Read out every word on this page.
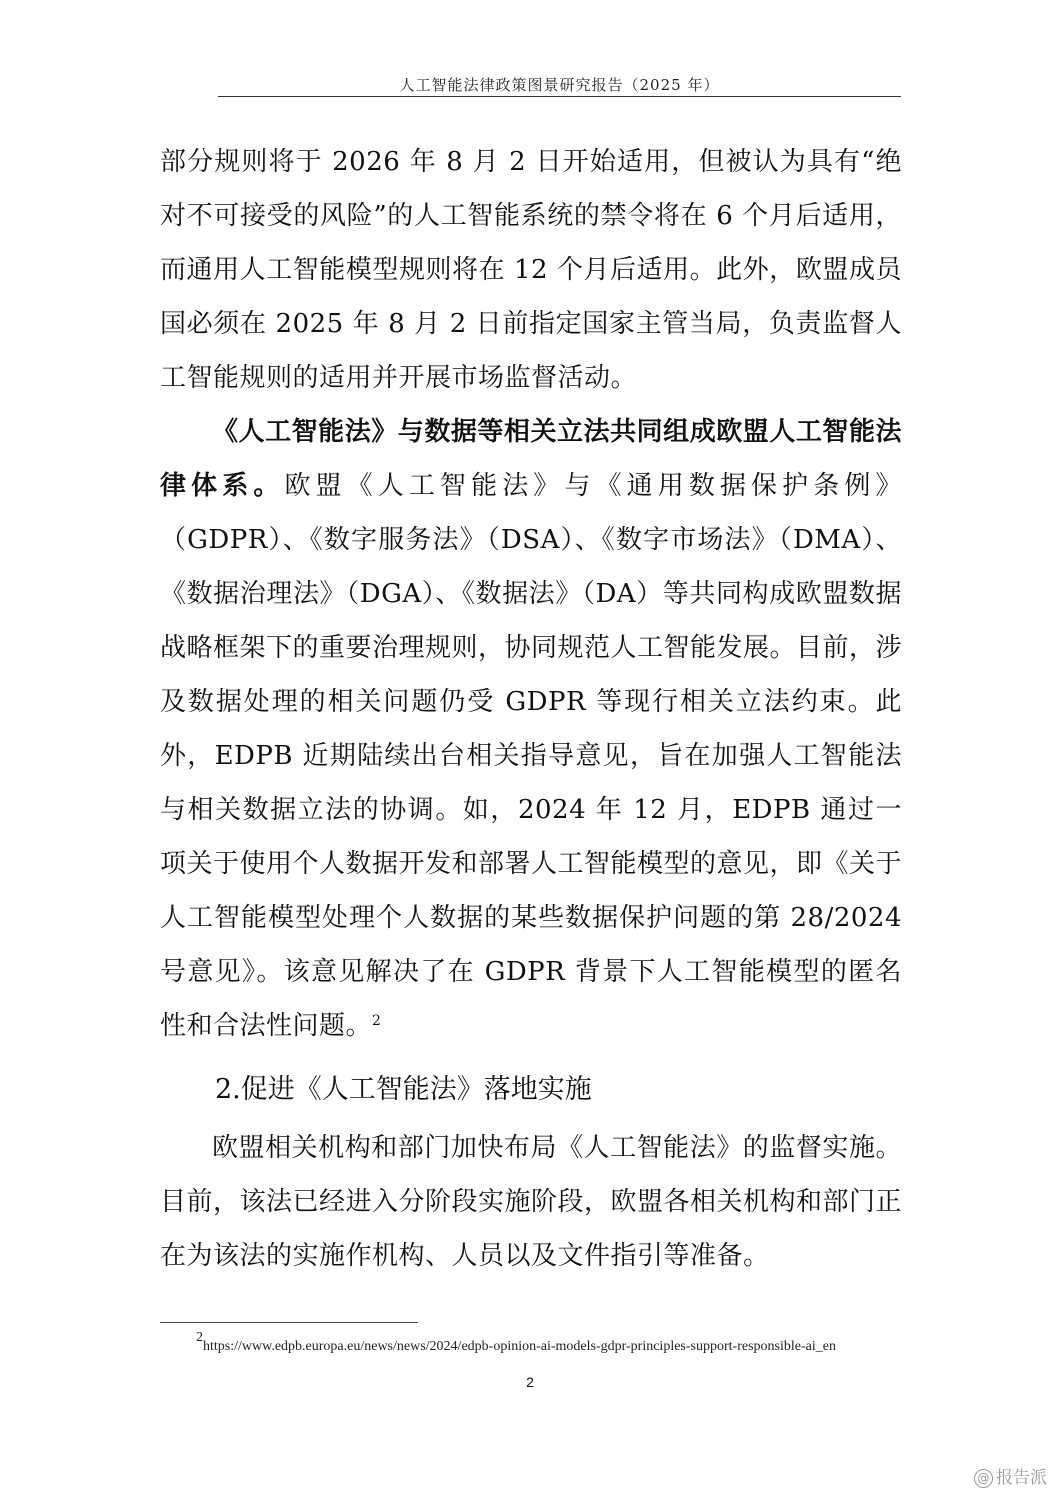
人工智能法律政策图景研究报告（2025 年）

部分规则将于 2026 年 8 月 2 日开始适用，但被认为具有“绝对不可接受的风险”的人工智能系统的禁令将在 6 个月后适用，而通用人工智能模型规则将在 12 个月后适用。此外，欧盟成员国必须在 2025 年 8 月 2 日前指定国家主管当局，负责监督人工智能规则的适用并开展市场监督活动。

《人工智能法》与数据等相关立法共同组成欧盟人工智能法律体系。欧盟《人工智能法》与《通用数据保护条例》（GDPR）、《数字服务法》（DSA）、《数字市场法》（DMA）、《数据治理法》（DGA）、《数据法》（DA）等共同构成欧盟数据战略框架下的重要治理规则，协同规范人工智能发展。目前，涉及数据处理的相关问题仍受 GDPR 等现行相关立法约束。此外，EDPB 近期陆续出台相关指导意见，旨在加强人工智能法与相关数据立法的协调。如，2024 年 12 月，EDPB 通过一项关于使用个人数据开发和部署人工智能模型的意见，即《关于人工智能模型处理个人数据的某些数据保护问题的第 28/2024 号意见》。该意见解决了在 GDPR 背景下人工智能模型的匿名性和合法性问题。$^2$

2.促进《人工智能法》落地实施

欧盟相关机构和部门加快布局《人工智能法》的监督实施。目前，该法已经进入分阶段实施阶段，欧盟各相关机构和部门正在为该法的实施作机构、人员以及文件指引等准备。

$^2$https://www.edpb.europa.eu/news/news/2024/edpb-opinion-ai-models-gdpr-principles-support-responsible-ai_en
2
@ 报告派
